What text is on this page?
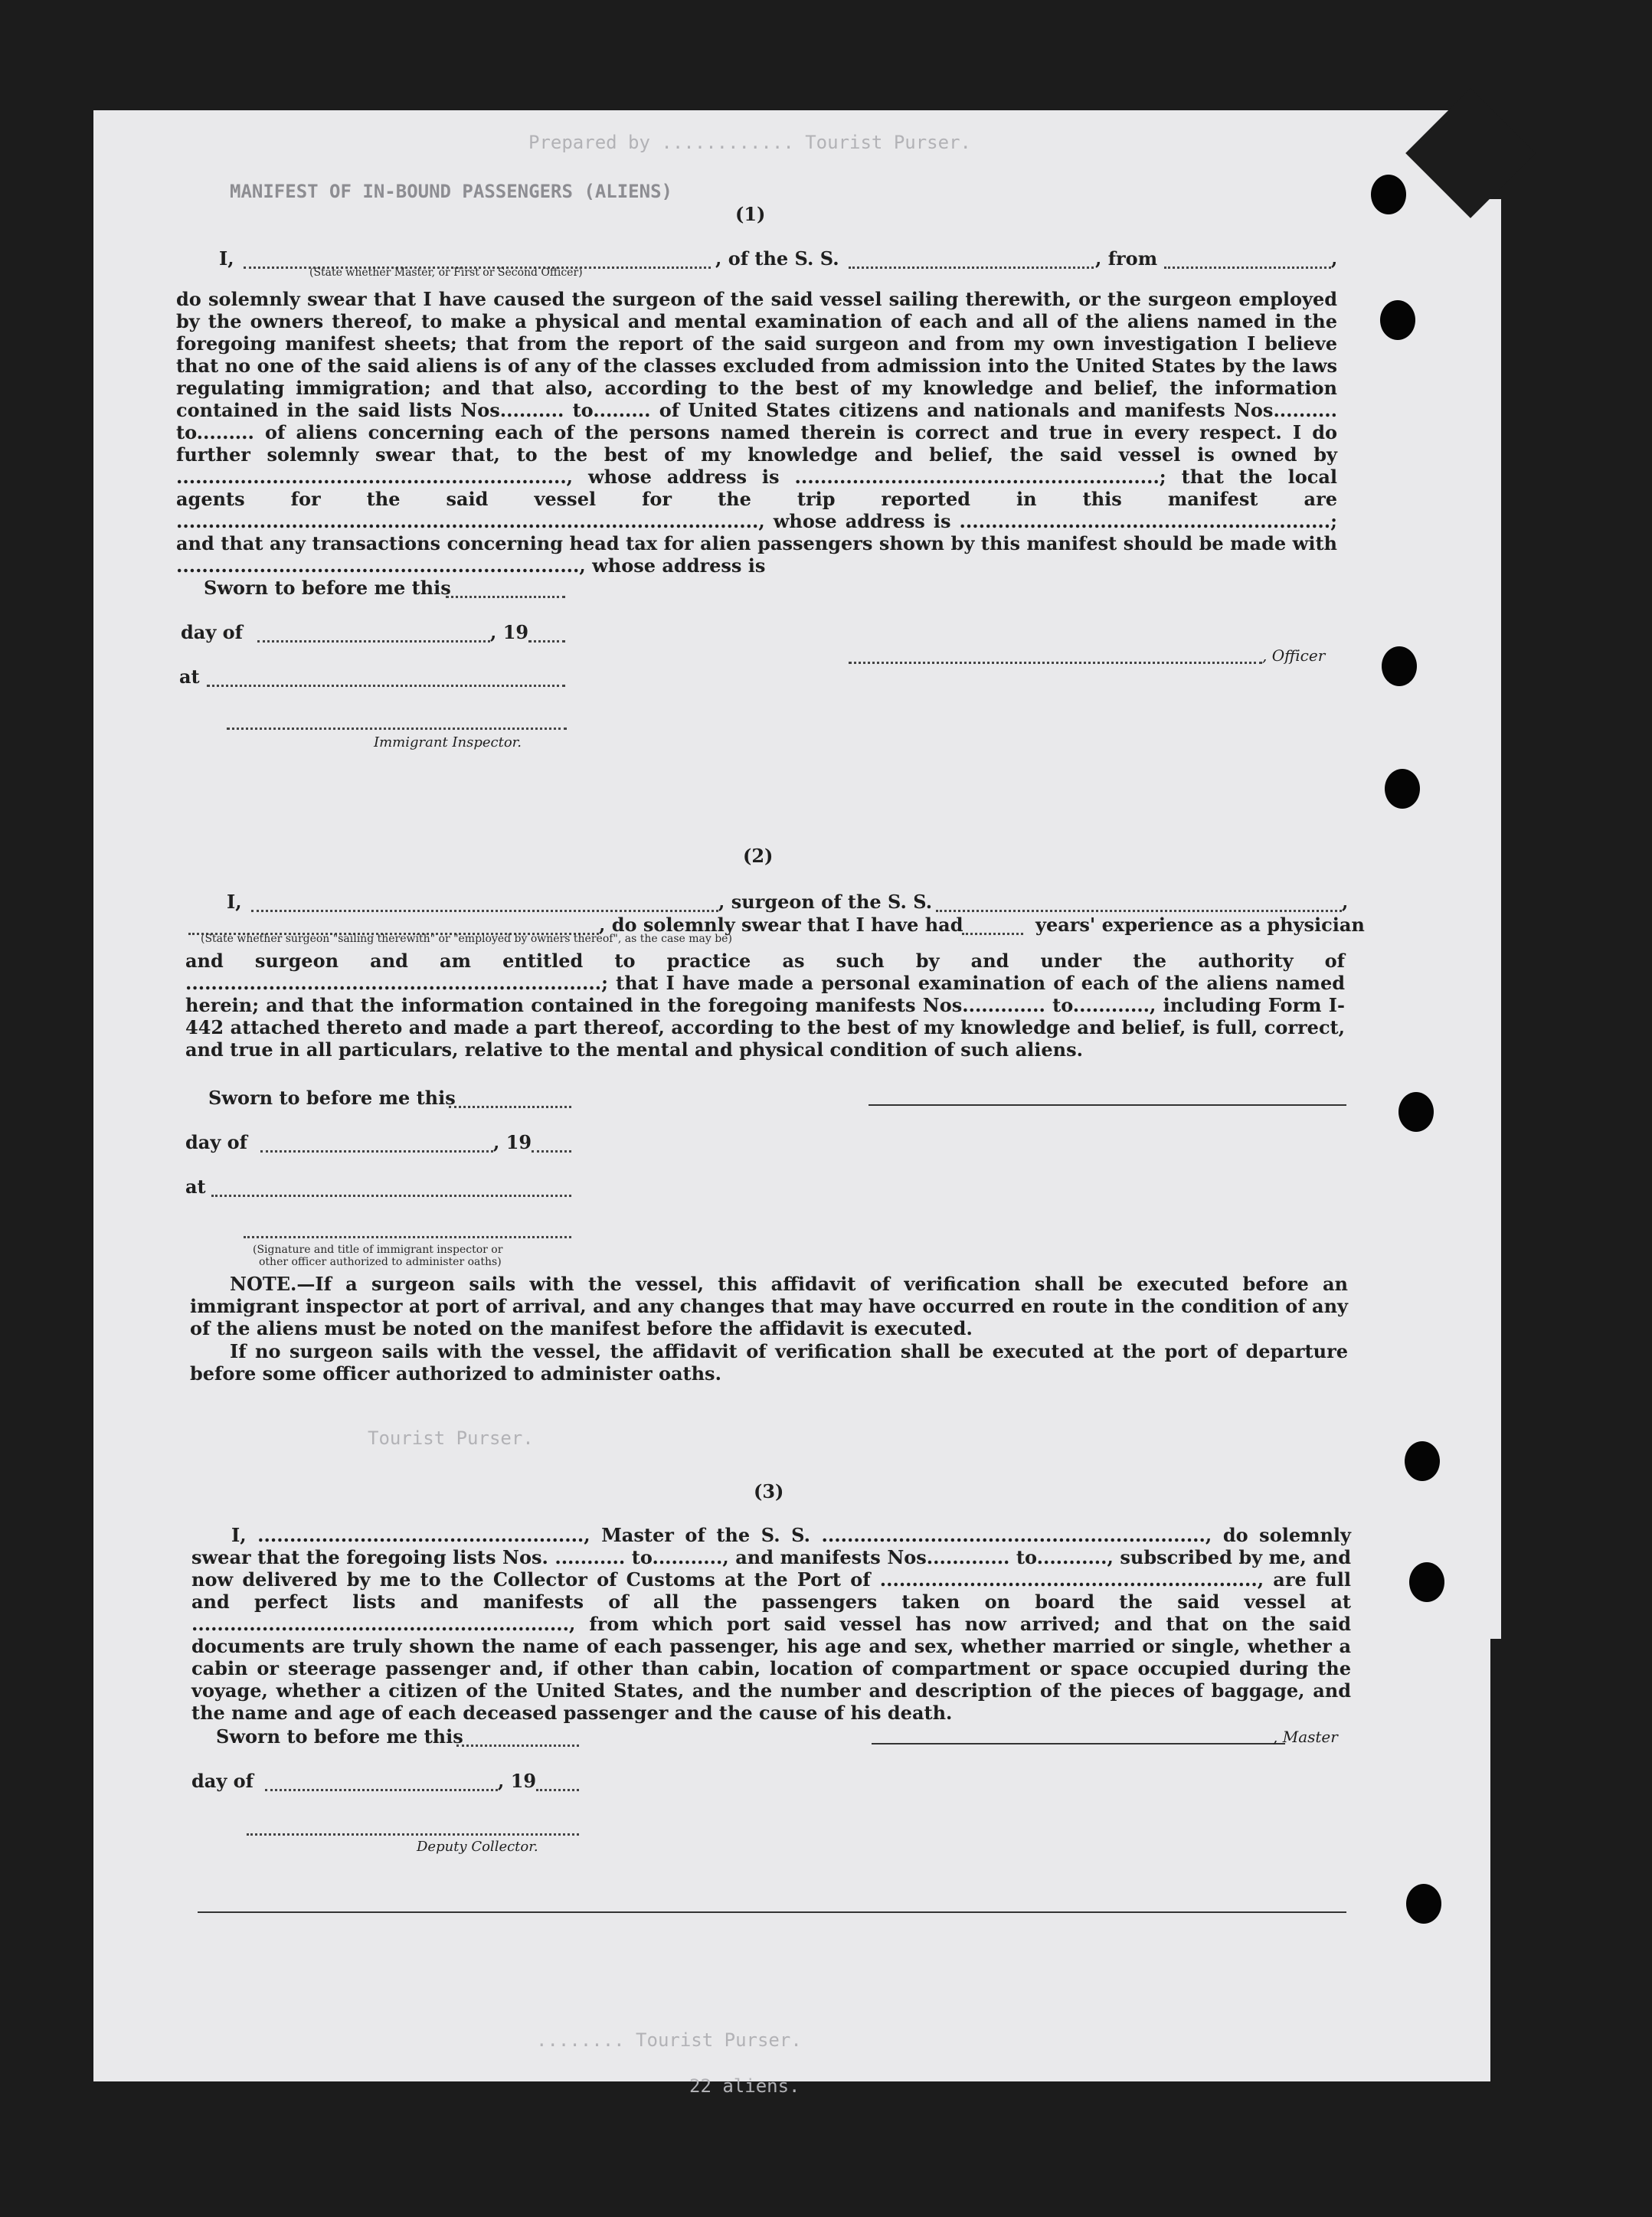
Prepared by ............ Tourist Purser.
MANIFEST OF IN-BOUND PASSENGERS (ALIENS)
Tourist Purser.
........ Tourist Purser.
22 aliens.
(1)
I,	, of the S. S.	, from	,
(State whether Master, or First or Second Officer)
do solemnly swear that I have caused the surgeon of the said vessel sailing therewith, or the surgeon employed by the owners thereof, to make a physical and mental examination of each and all of the aliens named in the foregoing manifest sheets; that from the report of the said surgeon and from my own investigation I believe that no one of the said aliens is of any of the classes excluded from admission into the United States by the laws regulating immigration; and that also, according to the best of my knowledge and belief, the information contained in the said lists Nos.......... to......... of United States citizens and nationals and manifests Nos.......... to......... of aliens concerning each of the persons named therein is correct and true in every respect. I do further solemnly swear that, to the best of my knowledge and belief, the said vessel is owned by ............................................................., whose address is .........................................................; that the local agents for the said vessel for the trip reported in this manifest are ..........................................................................................., whose address is ..........................................................; and that any transactions concerning head tax for alien passengers shown by this manifest should be made with ..............................................................., whose address is
Sworn to before me this
day of	, 19
at
, Officer
Immigrant Inspector.
(2)
I,	, surgeon of the S. S.	,
, do solemnly swear that I have had	years' experience as a physician
(State whether surgeon "sailing therewith" or "employed by owners thereof", as the case may be)
and surgeon and am entitled to practice as such by and under the authority of .................................................................; that I have made a personal examination of each of the aliens named herein; and that the information contained in the foregoing manifests Nos............. to............, including Form I-442 attached thereto and made a part thereof, according to the best of my knowledge and belief, is full, correct, and true in all particulars, relative to the mental and physical condition of such aliens.
Sworn to before me this
day of	, 19
at
(Signature and title of immigrant inspector or
other officer authorized to administer oaths)
NOTE.—If a surgeon sails with the vessel, this affidavit of verification shall be executed before an immigrant inspector at port of arrival, and any changes that may have occurred en route in the condition of any of the aliens must be noted on the manifest before the affidavit is executed.
If no surgeon sails with the vessel, the affidavit of verification shall be executed at the port of departure before some officer authorized to administer oaths.
(3)
I, ..................................................., Master of the S. S. ............................................................, do solemnly swear that the foregoing lists Nos. ........... to..........., and manifests Nos............. to..........., subscribed by me, and now delivered by me to the Collector of Customs at the Port of ..........................................................., are full and perfect lists and manifests of all the passengers taken on board the said vessel at ..........................................................., from which port said vessel has now arrived; and that on the said documents are truly shown the name of each passenger, his age and sex, whether married or single, whether a cabin or steerage passenger and, if other than cabin, location of compartment or space occupied during the voyage, whether a citizen of the United States, and the number and description of the pieces of baggage, and the name and age of each deceased passenger and the cause of his death.
Sworn to before me this	, Master
day of	, 19
Deputy Collector.
